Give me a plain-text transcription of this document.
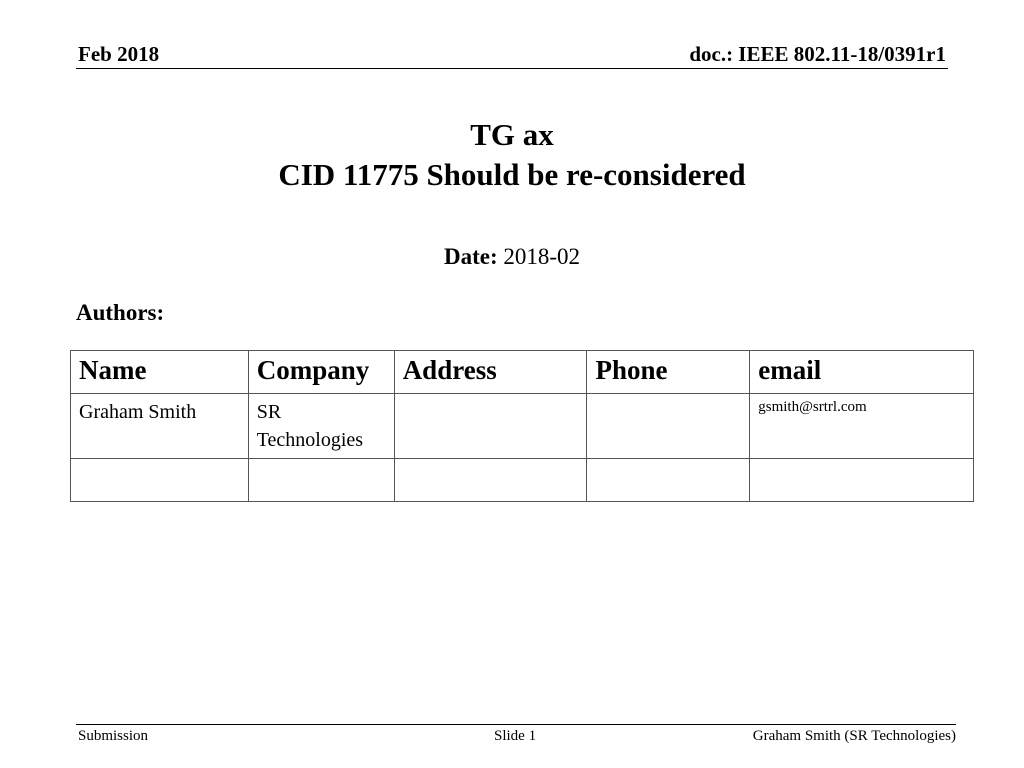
Feb 2018	doc.: IEEE 802.11-18/0391r1
TG ax
CID 11775 Should be re-considered
Date: 2018-02
Authors:
Name	Company	Address	Phone	email
Graham Smith	SR Technologies			gsmith@srtrl.com

Submission	Slide 1	Graham Smith (SR Technologies)
